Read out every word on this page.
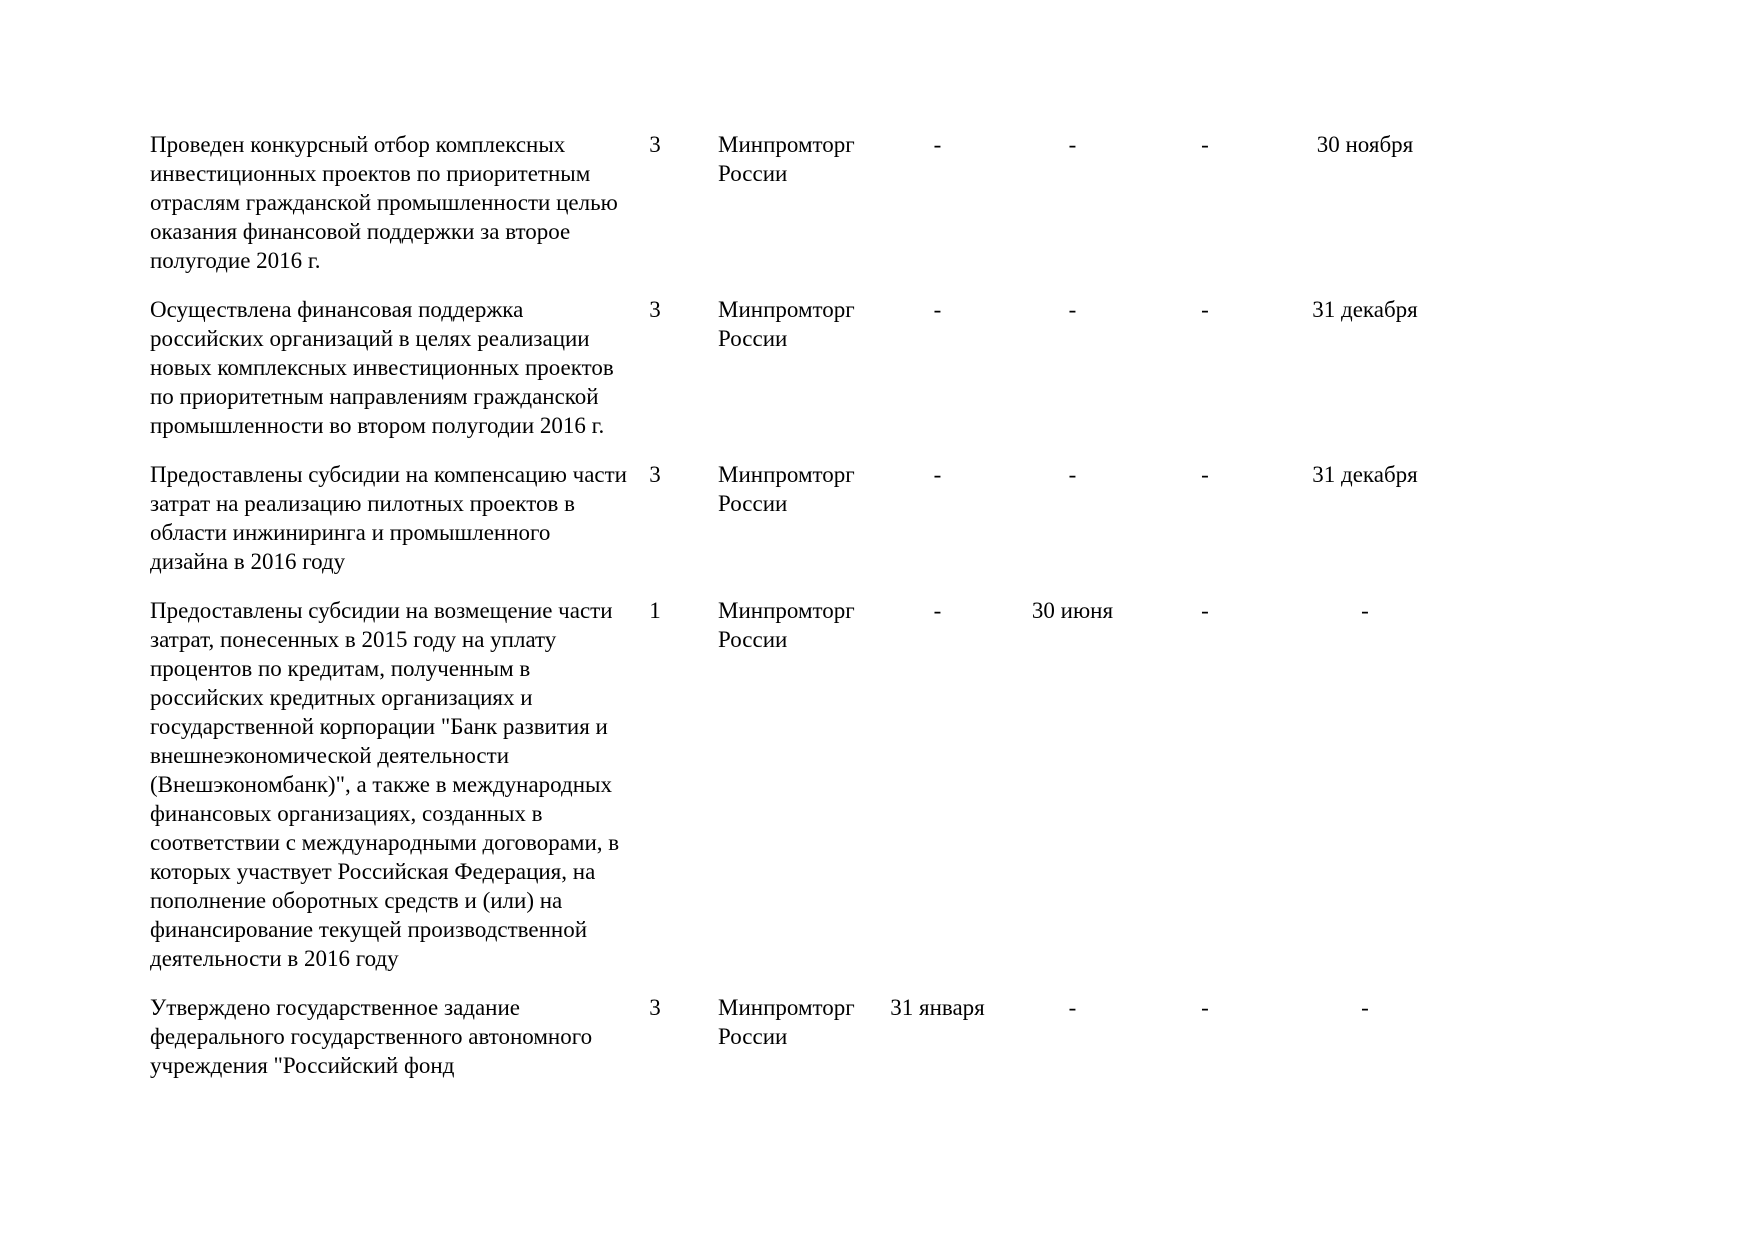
Проведен конкурсный отбор комплексных инвестиционных проектов по приоритетным отраслям гражданской промышленности целью оказания финансовой поддержки за второе полугодие 2016 г.	3	Минпромторг России	-	-	-	30 ноября
Осуществлена финансовая поддержка российских организаций в целях реализации новых комплексных инвестиционных проектов по приоритетным направлениям гражданской промышленности во втором полугодии 2016 г.	3	Минпромторг России	-	-	-	31 декабря
Предоставлены субсидии на компенсацию части затрат на реализацию пилотных проектов в области инжиниринга и промышленного дизайна в 2016 году	3	Минпромторг России	-	-	-	31 декабря
Предоставлены субсидии на возмещение части затрат, понесенных в 2015 году на уплату процентов по кредитам, полученным в российских кредитных организациях и государственной корпорации "Банк развития и внешнеэкономической деятельности (Внешэкономбанк)", а также в международных финансовых организациях, созданных в соответствии с международными договорами, в которых участвует Российская Федерация, на пополнение оборотных средств и (или) на финансирование текущей производственной деятельности в 2016 году	1	Минпромторг России	-	30 июня	-	-
Утверждено государственное задание федерального государственного автономного учреждения "Российский фонд	3	Минпромторг России	31 января	-	-	-
